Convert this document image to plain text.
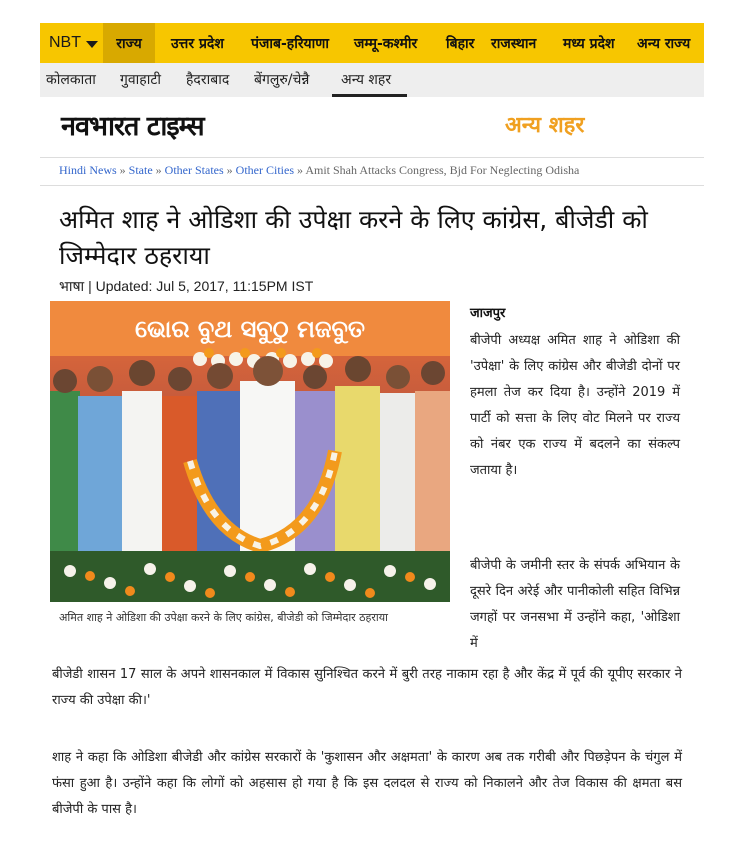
NBT	राज्य	उत्तर प्रदेश पंजाब-हरियाणा जम्मू-कश्मीर बिहार राजस्थान मध्य प्रदेश अन्य राज्य
कोलकाता गुवाहाटी हैदराबाद बेंगलुरु/चेन्नै अन्य शहर
नवभारत टाइम्स	अन्य शहर
Hindi News » State » Other States » Other Cities » Amit Shah Attacks Congress, Bjd For Neglecting Odisha
अमित शाह ने ओडिशा की उपेक्षा करने के लिए कांग्रेस, बीजेडी को जिम्मेदार ठहराया
भाषा | Updated: Jul 5, 2017, 11:15PM IST
ଭୋର ବୁଥ ସବୁଠୁ ମଜବୁତ
अमित शाह ने ओडिशा की उपेक्षा करने के लिए कांग्रेस, बीजेडी को जिम्मेदार ठहराया
जाजपुर

बीजेपी अध्यक्ष अमित शाह ने ओडिशा की 'उपेक्षा' के लिए कांग्रेस और बीजेडी दोनों पर हमला तेज कर दिया है। उन्होंने 2019 में पार्टी को सत्ता के लिए वोट मिलने पर राज्य को नंबर एक राज्य में बदलने का संकल्प जताया है।

बीजेपी के जमीनी स्तर के संपर्क अभियान के दूसरे दिन अरेई और पानीकोली सहित विभिन्न जगहों पर जनसभा में उन्होंने कहा, 'ओडिशा में

बीजेडी शासन 17 साल के अपने शासनकाल में विकास सुनिश्चित करने में बुरी तरह नाकाम रहा है और केंद्र में पूर्व की यूपीए सरकार ने राज्य की उपेक्षा की।'

शाह ने कहा कि ओडिशा बीजेडी और कांग्रेस सरकारों के 'कुशासन और अक्षमता' के कारण अब तक गरीबी और पिछड़ेपन के चंगुल में फंसा हुआ है। उन्होंने कहा कि लोगों को अहसास हो गया है कि इस दलदल से राज्य को निकालने और तेज विकास की क्षमता बस बीजेपी के पास है।
